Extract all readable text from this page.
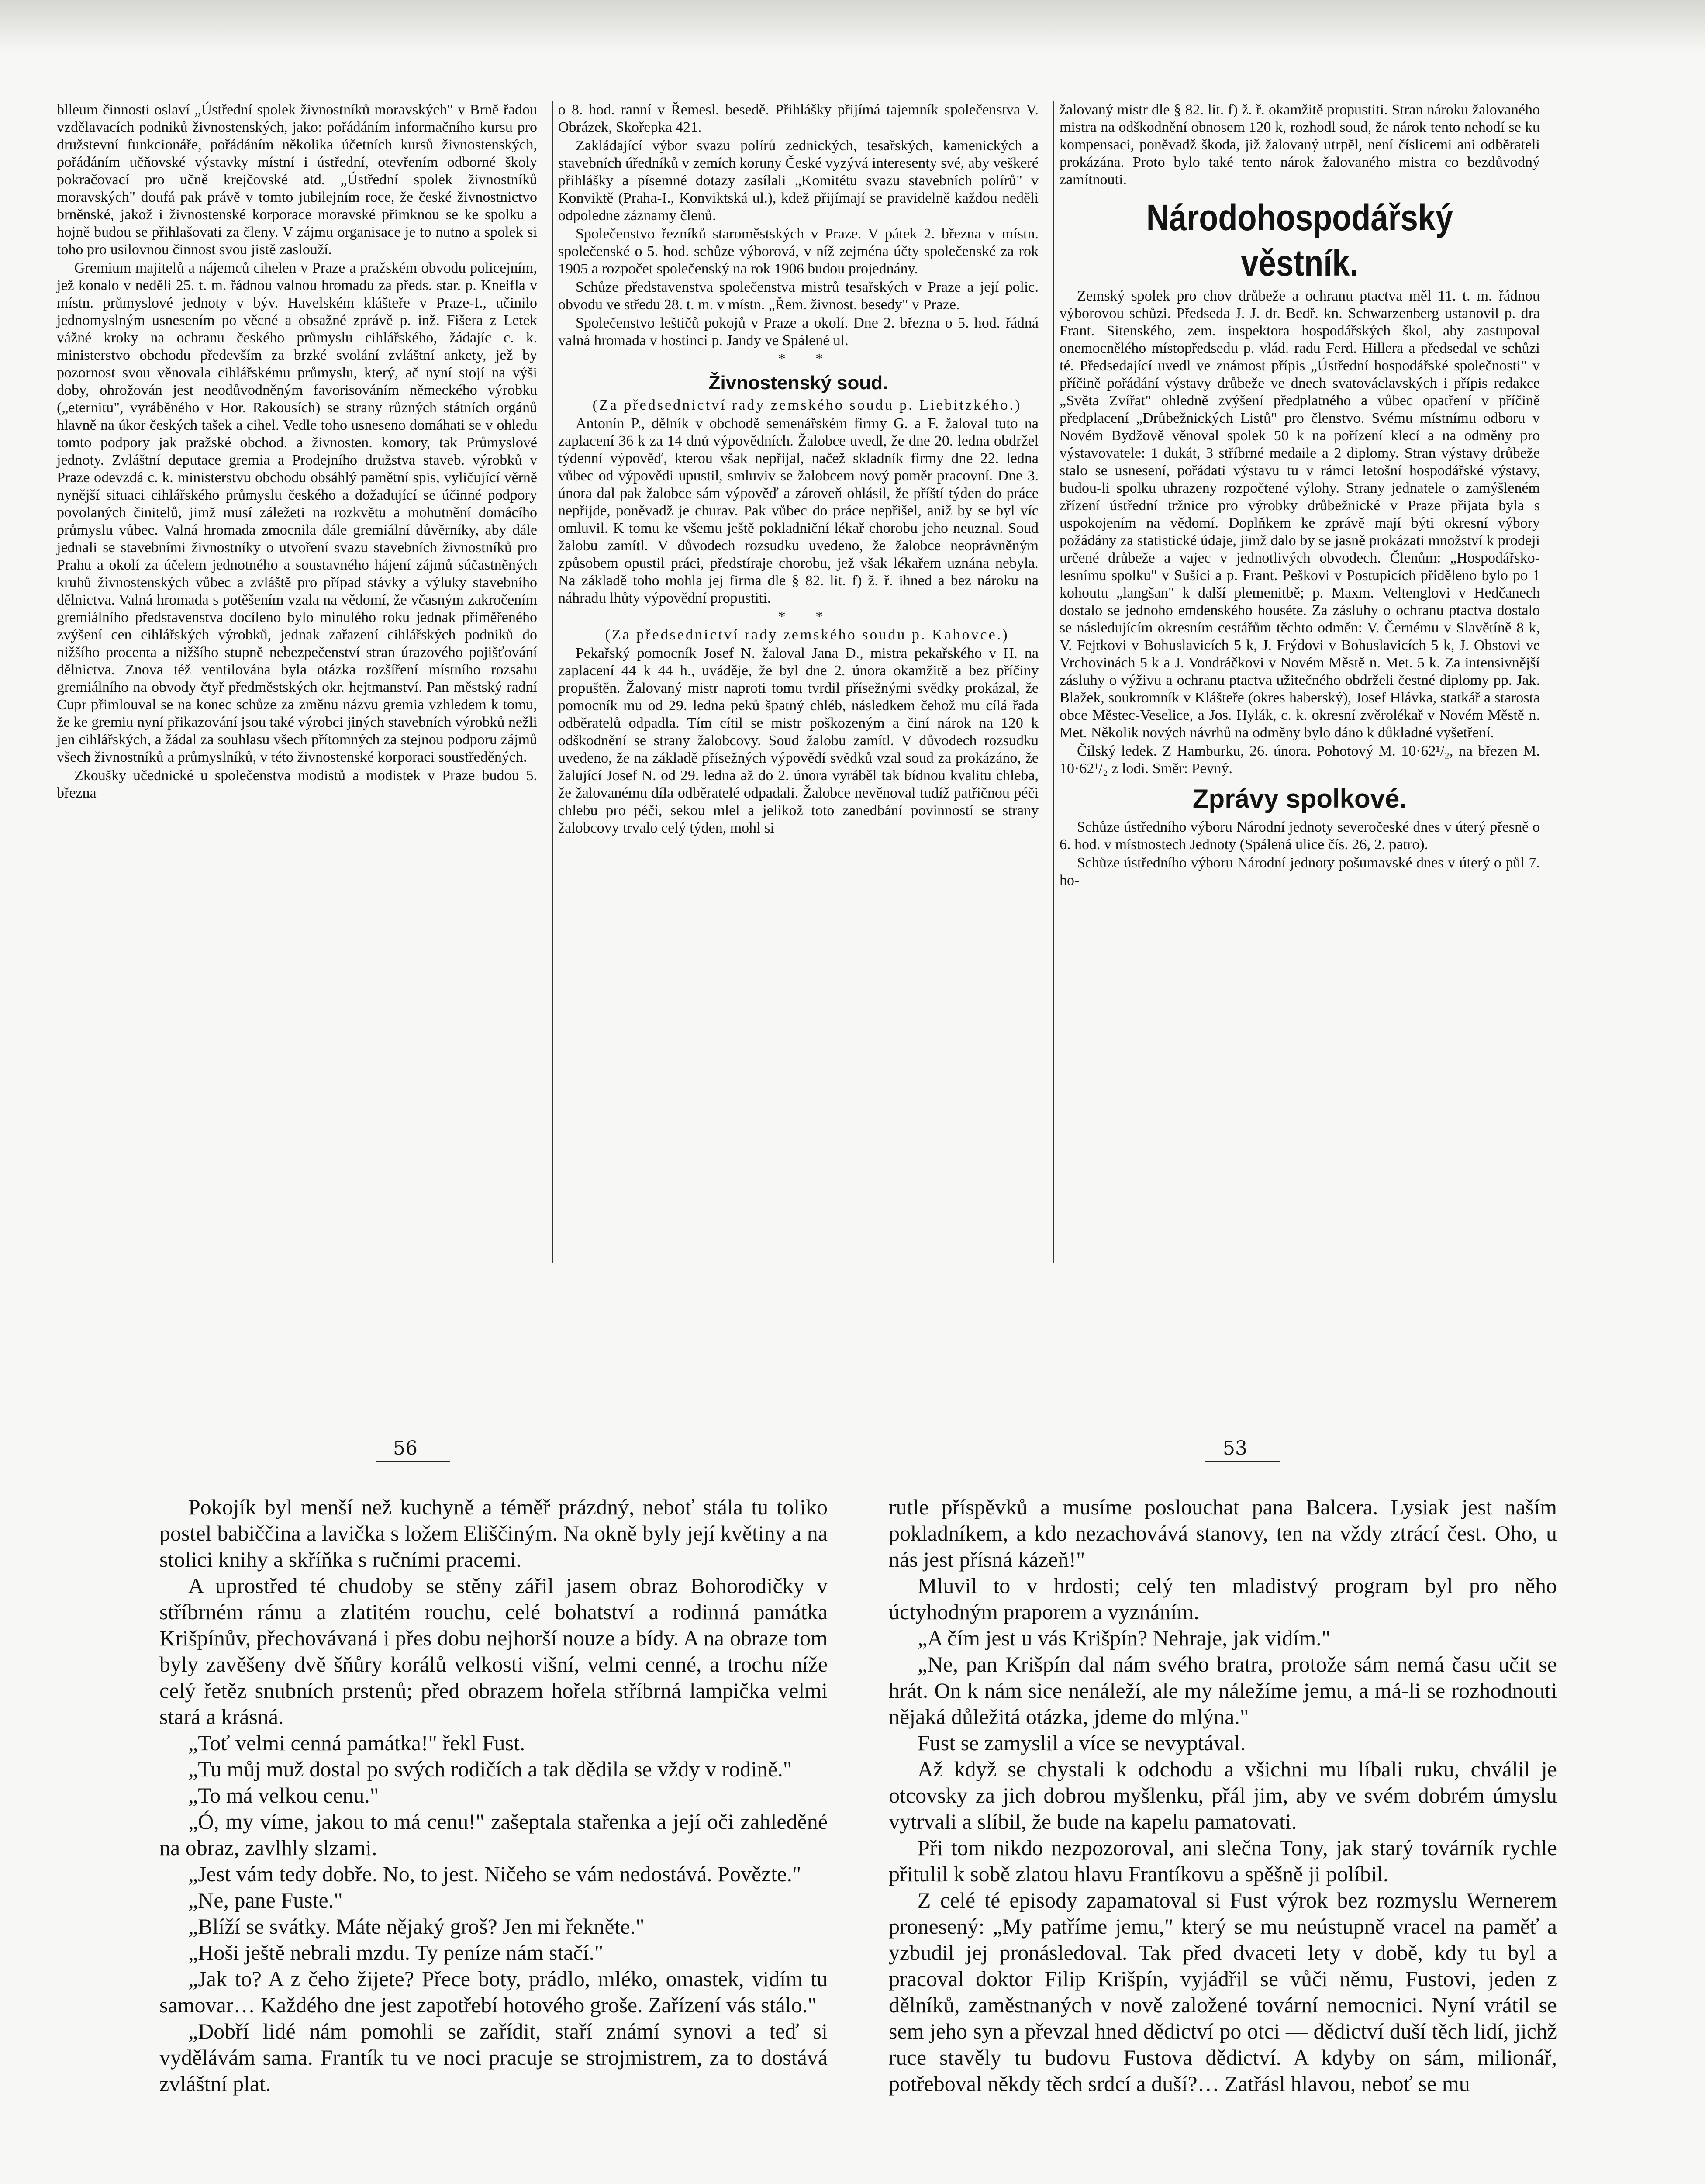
blleum činnosti oslaví „Ústřední spolek živnostníků moravských" v Brně řadou vzdělavacích podniků živnostenských, jako: pořádáním informačního kursu pro družstevní funkcionáře, pořádáním několika účetních kursů živnostenských, pořádáním učňovské výstavky místní i ústřední, otevřením odborné školy pokračovací pro učně krejčovské atd. „Ústřední spolek živnostníků moravských" doufá pak právě v tomto jubilejním roce, že české živnostnictvo brněnské, jakož i živnostenské korporace moravské přimknou se ke spolku a hojně budou se přihlašovati za členy. V zájmu organisace je to nutno a spolek si toho pro usilovnou činnost svou jistě zaslouží.

Gremium majitelů a nájemců cihelen v Praze a pražském obvodu policejním, jež konalo v neděli 25. t. m. řádnou valnou hromadu za předs. star. p. Kneifla v místn. průmyslové jednoty v býv. Havelském klášteře v Praze-I., učinilo jednomyslným usnesením po věcné a obsažné zprávě p. inž. Fišera z Letek vážné kroky na ochranu českého průmyslu cihlářského, žádajíc c. k. ministerstvo obchodu především za brzké svolání zvláštní ankety, jež by pozornost svou věnovala cihlářskému průmyslu, který, ač nyní stojí na výši doby, ohrožován jest neodůvodněným favorisováním německého výrobku („eternitu", vyráběného v Hor. Rakousích) se strany různých státních orgánů hlavně na úkor českých tašek a cihel. Vedle toho usneseno domáhati se v ohledu tomto podpory jak pražské obchod. a živnosten. komory, tak Průmyslové jednoty. Zvláštní deputace gremia a Prodejního družstva staveb. výrobků v Praze odevzdá c. k. ministerstvu obchodu obsáhlý pamětní spis, vyličující věrně nynější situaci cihlářského průmyslu českého a dožadující se účinné podpory povolaných činitelů, jimž musí záležeti na rozkvětu a mohutnění domácího průmyslu vůbec. Valná hromada zmocnila dále gremiální důvěrníky, aby dále jednali se stavebními živnostníky o utvoření svazu stavebních živnostníků pro Prahu a okolí za účelem jednotného a soustavného hájení zájmů súčastněných kruhů živnostenských vůbec a zvláště pro případ stávky a výluky stavebního dělnictva. Valná hromada s potěšením vzala na vědomí, že včasným zakročením gremiálního představenstva docíleno bylo minulého roku jednak přiměřeného zvýšení cen cihlářských výrobků, jednak zařazení cihlářských podniků do nižšího procenta a nižšího stupně nebezpečenství stran úrazového pojišťování dělnictva. Znova též ventilována byla otázka rozšíření místního rozsahu gremiálního na obvody čtyř předměstských okr. hejtmanství. Pan městský radní Cupr přimlouval se na konec schůze za změnu názvu gremia vzhledem k tomu, že ke gremiu nyní přikazování jsou také výrobci jiných stavebních výrobků nežli jen cihlářských, a žádal za souhlasu všech přítomných za stejnou podporu zájmů všech živnostníků a průmyslníků, v této živnostenské korporaci soustředěných.

Zkoušky učednické u společenstva modistů a modistek v Praze budou 5. března

o 8. hod. ranní v Řemesl. besedě. Přihlášky přijímá tajemník společenstva V. Obrázek, Skořepka 421.

Zakládající výbor svazu polírů zednických, tesařských, kamenických a stavebních úředníků v zemích koruny České vyzývá interesenty své, aby veškeré přihlášky a písemné dotazy zasílali „Komitétu svazu stavebních polírů" v Konviktě (Praha-I., Konviktská ul.), kdež přijímají se pravidelně každou neděli odpoledne záznamy členů.

Společenstvo řezníků staroměstských v Praze. V pátek 2. března v místn. společenské o 5. hod. schůze výborová, v níž zejména účty společenské za rok 1905 a rozpočet společenský na rok 1906 budou projednány.

Schůze představenstva společenstva mistrů tesařských v Praze a její polic. obvodu ve středu 28. t. m. v místn. „Řem. živnost. besedy" v Praze.

Společenstvo leštičů pokojů v Praze a okolí. Dne 2. března o 5. hod. řádná valná hromada v hostinci p. Jandy ve Spálené ul.

* *

Živnostenský soud.

(Za předsednictví rady zemského soudu p. Liebitzkého.)

Antonín P., dělník v obchodě semenářském firmy G. a F. žaloval tuto na zaplacení 36 k za 14 dnů výpovědních. Žalobce uvedl, že dne 20. ledna obdržel týdenní výpověď, kterou však nepřijal, načež skladník firmy dne 22. ledna vůbec od výpovědi upustil, smluviv se žalobcem nový poměr pracovní. Dne 3. února dal pak žalobce sám výpověď a zároveň ohlásil, že příští týden do práce nepřijde, poněvadž je churav. Pak vůbec do práce nepřišel, aniž by se byl víc omluvil. K tomu ke všemu ještě pokladniční lékař chorobu jeho neuznal. Soud žalobu zamítl. V důvodech rozsudku uvedeno, že žalobce neoprávněným způsobem opustil práci, předstíraje chorobu, jež však lékařem uznána nebyla. Na základě toho mohla jej firma dle § 82. lit. f) ž. ř. ihned a bez nároku na náhradu lhůty výpovědní propustiti.

* *

(Za předsednictví rady zemského soudu p. Kahovce.)

Pekařský pomocník Josef N. žaloval Jana D., mistra pekařského v H. na zaplacení 44 k 44 h., uváděje, že byl dne 2. února okamžitě a bez příčiny propuštěn. Žalovaný mistr naproti tomu tvrdil přísežnými svědky prokázal, že pomocník mu od 29. ledna peků špatný chléb, následkem čehož mu cílá řada odběratelů odpadla. Tím cítil se mistr poškozeným a činí nárok na 120 k odškodnění se strany žalobcovy. Soud žalobu zamítl. V důvodech rozsudku uvedeno, že na základě přísežných výpovědí svědků vzal soud za prokázáno, že žalující Josef N. od 29. ledna až do 2. února vyráběl tak bídnou kvalitu chleba, že žalovanému díla odběratelé odpadali. Žalobce nevěnoval tudíž patřičnou péči chlebu pro péči, sekou mlel a jelikož toto zanedbání povinností se strany žalobcovy trvalo celý týden, mohl si

žalovaný mistr dle § 82. lit. f) ž. ř. okamžitě propustiti. Stran nároku žalovaného mistra na odškodnění obnosem 120 k, rozhodl soud, že nárok tento nehodí se ku kompensaci, poněvadž škoda, již žalovaný utrpěl, není číslicemi ani odběrateli prokázána. Proto bylo také tento nárok žalovaného mistra co bezdůvodný zamítnouti.

Národohospodářský věstník.

Zemský spolek pro chov drůbeže a ochranu ptactva měl 11. t. m. řádnou výborovou schůzi. Předseda J. J. dr. Bedř. kn. Schwarzenberg ustanovil p. dra Frant. Sitenského, zem. inspektora hospodářských škol, aby zastupoval onemocnělého místopředsedu p. vlád. radu Ferd. Hillera a předsedal ve schůzi té. Předsedající uvedl ve známost přípis „Ústřední hospodářské společnosti" v příčině pořádání výstavy drůbeže ve dnech svatováclavských i přípis redakce „Světa Zvířat" ohledně zvýšení předplatného a vůbec opatření v příčině předplacení „Drůbežnických Listů" pro členstvo. Svému místnímu odboru v Novém Bydžově věnoval spolek 50 k na pořízení klecí a na odměny pro výstavovatele: 1 dukát, 3 stříbrné medaile a 2 diplomy. Stran výstavy drůbeže stalo se usnesení, pořádati výstavu tu v rámci letošní hospodářské výstavy, budou-li spolku uhrazeny rozpočtené výlohy. Strany jednatele o zamýšleném zřízení ústřední tržnice pro výrobky drůbežnické v Praze přijata byla s uspokojením na vědomí. Doplňkem ke zprávě mají býti okresní výbory požádány za statistické údaje, jimž dalo by se jasně prokázati množství k prodeji určené drůbeže a vajec v jednotlivých obvodech. Členům: „Hospodářsko-lesnímu spolku" v Sušici a p. Frant. Peškovi v Postupicích přiděleno bylo po 1 kohoutu „langšan" k další plemenitbě; p. Maxm. Veltenglovi v Hedčanech dostalo se jednoho emdenského houséte. Za zásluhy o ochranu ptactva dostalo se následujícím okresním cestářům těchto odměn: V. Černému v Slavětíně 8 k, V. Fejtkovi v Bohuslavicích 5 k, J. Frýdovi v Bohuslavicích 5 k, J. Obstovi ve Vrchovinách 5 k a J. Vondráčkovi v Novém Městě n. Met. 5 k. Za intensivnější zásluhy o výživu a ochranu ptactva užitečného obdrželi čestné diplomy pp. Jak. Blažek, soukromník v Klášteře (okres haberský), Josef Hlávka, statkář a starosta obce Městec-Veselice, a Jos. Hylák, c. k. okresní zvěrolékař v Novém Městě n. Met. Několik nových návrhů na odměny bylo dáno k důkladné vyšetření.

Čilský ledek. Z Hamburku, 26. února. Pohotový M. 10·62¹/₂, na březen M. 10·62¹/₂ z lodi. Směr: Pevný.

Zprávy spolkové.

Schůze ústředního výboru Národní jednoty severočeské dnes v úterý přesně o 6. hod. v místnostech Jednoty (Spálená ulice čís. 26, 2. patro).

Schůze ústředního výboru Národní jednoty pošumavské dnes v úterý o půl 7. ho-

56	53

Pokojík byl menší než kuchyně a téměř prázdný, neboť stála tu toliko postel babiččina a lavička s ložem Eliščiným. Na okně byly její květiny a na stolici knihy a skříňka s ručními pracemi.

A uprostřed té chudoby se stěny zářil jasem obraz Bohorodičky v stříbrném rámu a zlatitém rouchu, celé bohatství a rodinná památka Krišpínův, přechovávaná i přes dobu nejhorší nouze a bídy. A na obraze tom byly zavěšeny dvě šňůry korálů velkosti višní, velmi cenné, a trochu níže celý řetěz snubních prstenů; před obrazem hořela stříbrná lampička velmi stará a krásná.

„Toť velmi cenná památka!" řekl Fust.

„Tu můj muž dostal po svých rodičích a tak dědila se vždy v rodině."

„To má velkou cenu."

„Ó, my víme, jakou to má cenu!" zašeptala stařenka a její oči zahleděné na obraz, zavlhly slzami.

„Jest vám tedy dobře. No, to jest. Ničeho se vám nedostává. Povězte."

„Ne, pane Fuste."

„Blíží se svátky. Máte nějaký groš? Jen mi řekněte."

„Hoši ještě nebrali mzdu. Ty peníze nám stačí."

„Jak to? A z čeho žijete? Přece boty, prádlo, mléko, omastek, vidím tu samovar… Každého dne jest zapotřebí hotového groše. Zařízení vás stálo."

„Dobří lidé nám pomohli se zařídit, staří známí synovi a teď si vydělávám sama. Frantík tu ve noci pracuje se strojmistrem, za to dostává zvláštní plat.

rutle příspěvků a musíme poslouchat pana Balcera. Lysiak jest naším pokladníkem, a kdo nezachovává stanovy, ten na vždy ztrácí čest. Oho, u nás jest přísná kázeň!"

Mluvil to v hrdosti; celý ten mladistvý program byl pro něho úctyhodným praporem a vyznáním.

„A čím jest u vás Krišpín? Nehraje, jak vidím."

„Ne, pan Krišpín dal nám svého bratra, protože sám nemá času učit se hrát. On k nám sice nenáleží, ale my náležíme jemu, a má-li se rozhodnouti nějaká důležitá otázka, jdeme do mlýna."

Fust se zamyslil a více se nevyptával.

Až když se chystali k odchodu a všichni mu líbali ruku, chválil je otcovsky za jich dobrou myšlenku, přál jim, aby ve svém dobrém úmyslu vytrvali a slíbil, že bude na kapelu pamatovati.

Při tom nikdo nezpozoroval, ani slečna Tony, jak starý továrník rychle přitulil k sobě zlatou hlavu Frantíkovu a spěšně ji políbil.

Z celé té episody zapamatoval si Fust výrok bez rozmyslu Wernerem pronesený: „My patříme jemu," který se mu neústupně vracel na paměť a yzbudil jej pronásledoval. Tak před dvaceti lety v době, kdy tu byl a pracoval doktor Filip Krišpín, vyjádřil se vůči němu, Fustovi, jeden z dělníků, zaměstnaných v nově založené tovární nemocnici. Nyní vrátil se sem jeho syn a převzal hned dědictví po otci — dědictví duší těch lidí, jichž ruce stavěly tu budovu Fustova dědictví. A kdyby on sám, milionář, potřeboval někdy těch srdcí a duší?… Zatřásl hlavou, neboť se mu
